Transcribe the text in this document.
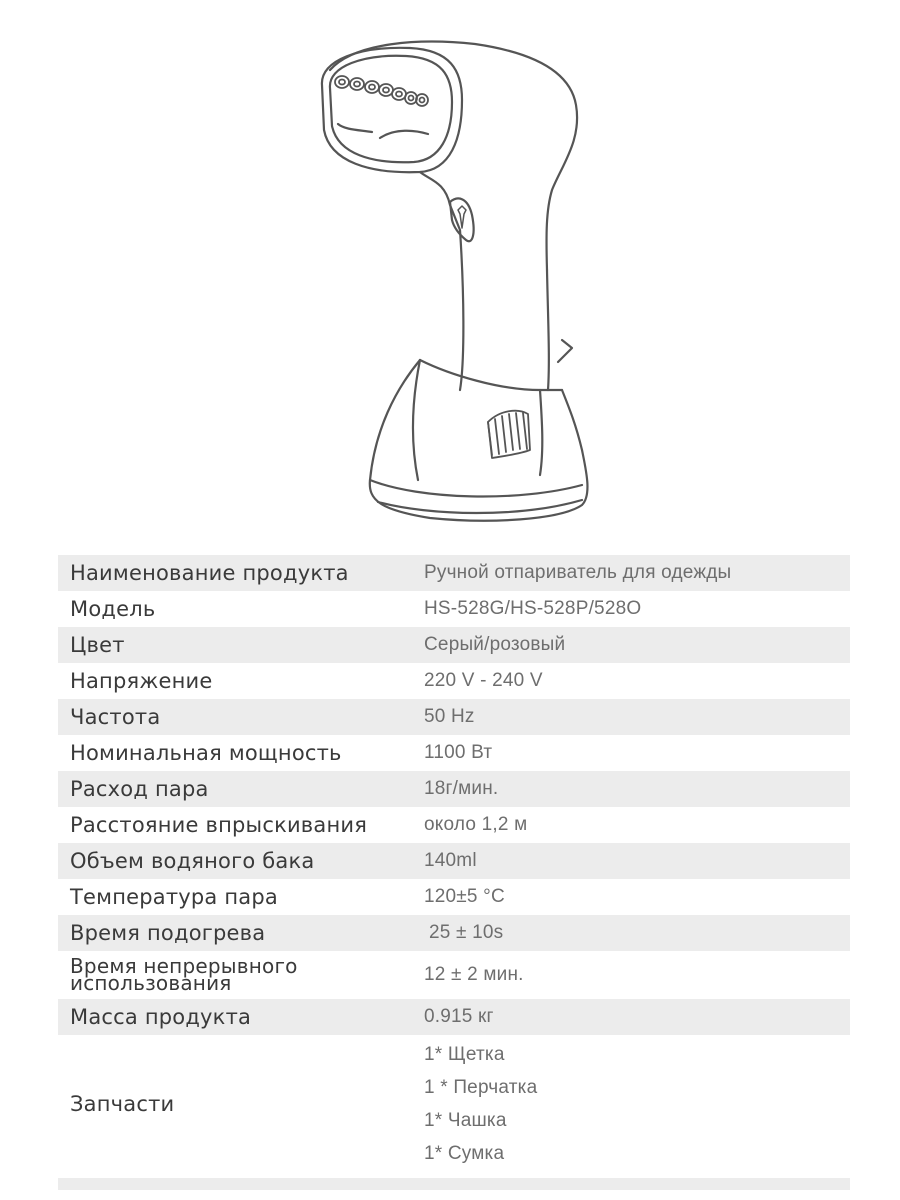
Наименование продукта	Ручной отпариватель для одежды
Модель	HS-528G/HS-528P/528O
Цвет	Серый/розовый
Напряжение	220 V - 240 V
Частота	50 Hz
Номинальная мощность	1100 Вт
Расход пара	18г/мин.
Расстояние впрыскивания	около 1,2 м
Объем водяного бака	140ml
Температура пара	120±5 °C
Время подогрева	25 ± 10s
Время непрерывного
использования	12 ± 2 мин.
Масса продукта	0.915 кг
Запчасти
1* Щетка
1 * Перчатка
1* Чашка
1* Сумка
